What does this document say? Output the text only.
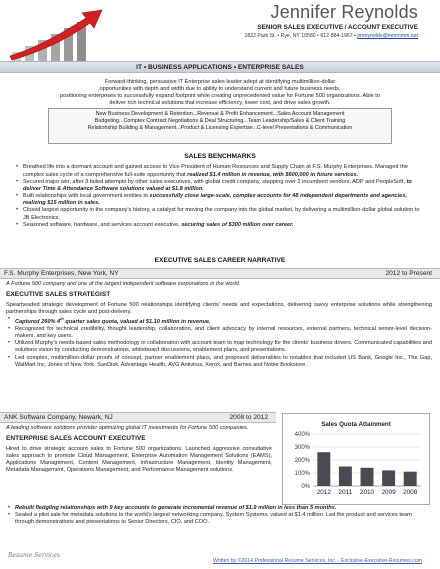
Jennifer Reynolds
SENIOR SALES EXECUTIVE / ACCOUNT EXECUTIVE
1822 Park St. • Rye, NY 10580 • 612-884-1967 • jmreynolds@mmmmm.net
IT • BUSINESS APPLICATIONS • ENTERPRISE SALES
Forward-thinking, persuasive IT Enterprise sales leader adept at identifying multimillion-dollar
opportunities with depth and width due to ability to understand current and future business needs,
positioning enterprises to successfully expand footprint while creating unprecedented value for Fortune 500 organizations. Able to
deliver rich technical solutions that increase efficiency, lower cost, and drive sales growth.
New Business Development & Retention...Revenue & Profit Enhancement...Sales Account Management
Budgeting...Complex Contract Negotiations & Deal Structuring...Team Leadership/Sales & Client Training
Relationship Building & Management...Product & Licensing Expertise...C-level Presentations & Communication
SALES BENCHMARKS
• Breathed life into a dormant account and gained access to Vice President of Human Resources and Supply Chain at F.S. Murphy Enterprises. Managed the complex sales cycle of a comprehensive full-suite opportunity that realized $1.4 million in revenue, with $600,000 in future services.
• Secured major win, after 3 failed attempts by other sales executives, with global credit company, stepping over 2 incumbent vendors, ADP and PeopleSoft, to deliver Time & Attendance Software solutions valued at $1.8 million.
• Built relationships with local government entities to successfully close large-scale, complex accounts for 48 independent departments and agencies, realizing $15 million in sales.
• Closed largest opportunity in the company's history, a catalyst for moving the company into the global market, by delivering a multimillion-dollar global solution to JB Electronics.
• Seasoned software, hardware, and services account executive, securing sales of $300 million over career.
EXECUTIVE SALES CAREER NARRATIVE
F.S. Murphy Enterprises, New York, NY	2012 to Present
A Fortune 500 company and one of the largest independent software corporations in the world.
EXECUTIVE SALES STRATEGIST
Spearheaded strategic development of Fortune 500 relationships identifying clients' needs and expectations, delivering savvy enterprise solutions while strengthening partnerships through sales cycle and post-delivery.
• Captured 260% 4th quarter sales quota, valued at $1.10 million in revenue.
• Recognized for technical credibility, thought leadership, collaboration, and client advocacy by internal resources, external partners, technical senior-level decision-makers, and key users.
• Utilized Murphy's needs-based sales methodology in collaboration with account team to map technology for the clients' business drivers. Communicated capabilities and solutions vision by conducting demonstrations, whiteboard discussions, enablement plans, and presentations.
• Led complex, multimillion-dollar proofs of concept, partner enablement plans, and proposed deliverables to notables that included US Bank, Google Inc., The Gap, WalMart Inc, Jones of New York, SanDisk, Advantage Health, AVG Antivirus, Xerox, and Barnes and Noble Bookstore.
ANK Software Company, Newark, NJ	2008 to 2012
A leading software solutions provider optimizing global IT investments for Fortune 500 companies.
ENTERPRISE SALES ACCOUNT EXECUTIVE
Hired to drive strategic account sales to Fortune 500 organizations. Launched aggressive consultative sales approach to promote Cloud Management, Enterprise Automation Management Solutions (EAMS), Applications Management, Content Management, Infrastructure Management, Identity Management, Metadata Management, Operations Management, and Performance Management solutions.
• Rebuilt fledgling relationships with 9 key accounts to generate incremental revenue of $1.9 million in less than 5 months.
• Sealed a pilot sale for metadata solutions to the world's largest networking company, System Systems, valued at $1.4 million. Led the product and services team through demonstrations and presentations to Senior Directors, CIO, and COO.
Sales Quota Attainment
0%
100%
200%
300%
400%
2012 2011 2010 2009 2008
Resume Services
Written by ©2014 Professional Resume Services, Inc. - Exclusive-Executive-Resumes.com
